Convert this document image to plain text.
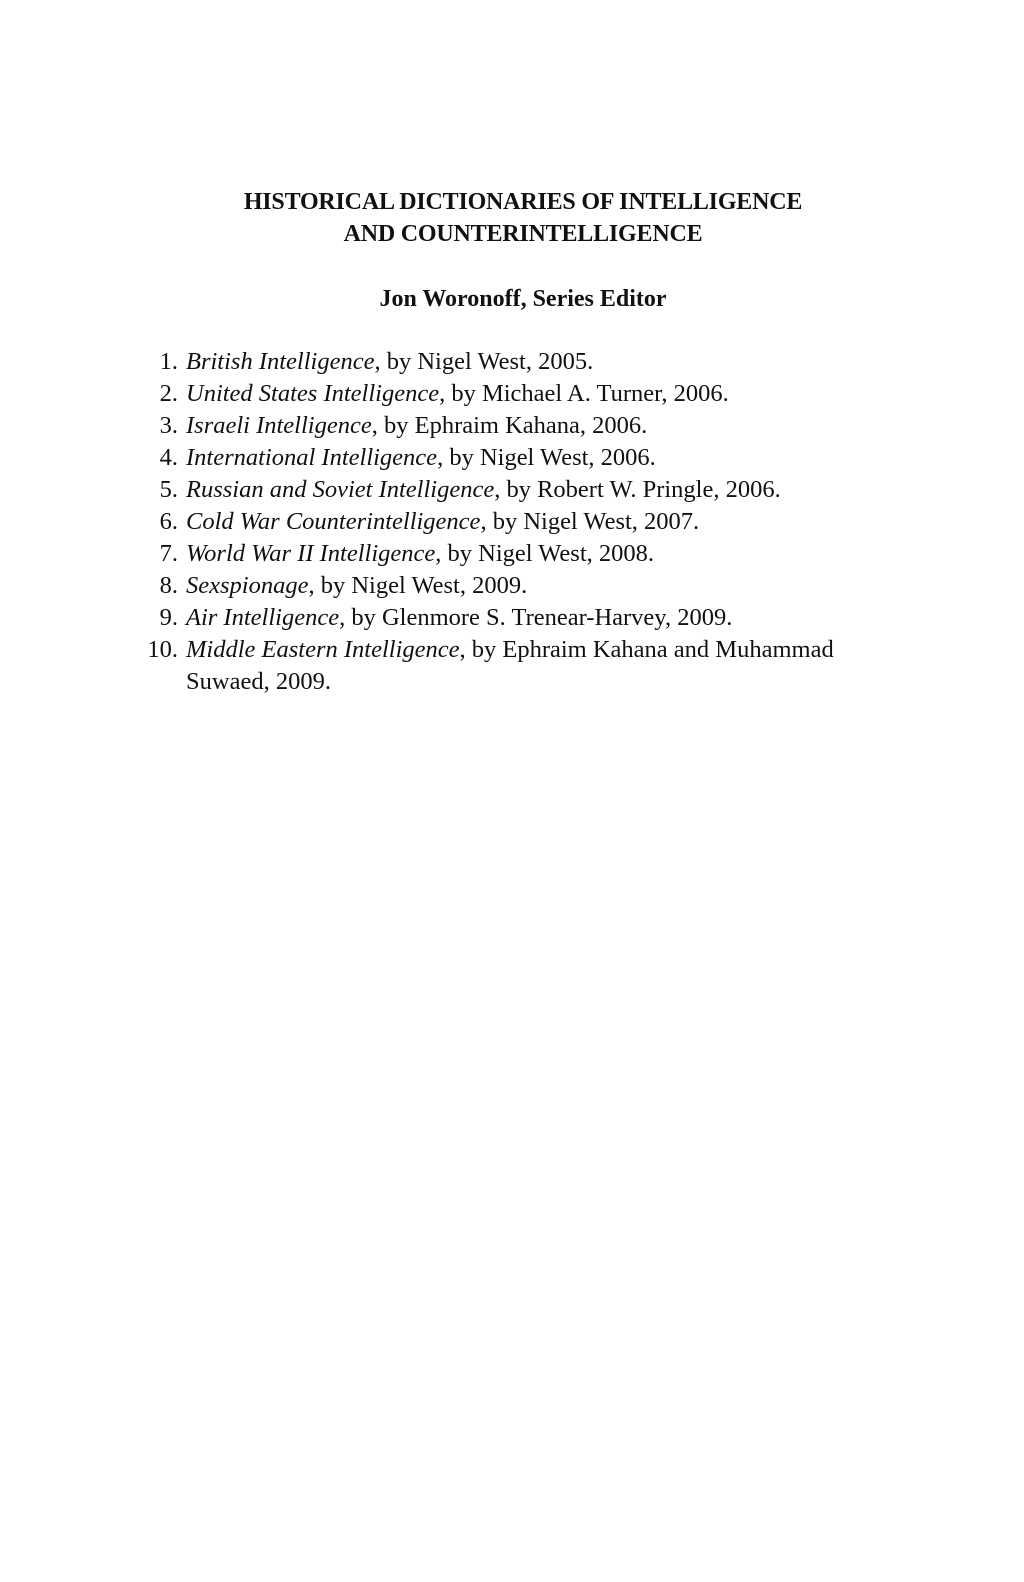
HISTORICAL DICTIONARIES OF INTELLIGENCE
AND COUNTERINTELLIGENCE
Jon Woronoff, Series Editor
1. British Intelligence, by Nigel West, 2005.
2. United States Intelligence, by Michael A. Turner, 2006.
3. Israeli Intelligence, by Ephraim Kahana, 2006.
4. International Intelligence, by Nigel West, 2006.
5. Russian and Soviet Intelligence, by Robert W. Pringle, 2006.
6. Cold War Counterintelligence, by Nigel West, 2007.
7. World War II Intelligence, by Nigel West, 2008.
8. Sexspionage, by Nigel West, 2009.
9. Air Intelligence, by Glenmore S. Trenear-Harvey, 2009.
10. Middle Eastern Intelligence, by Ephraim Kahana and Muhammad Suwaed, 2009.
